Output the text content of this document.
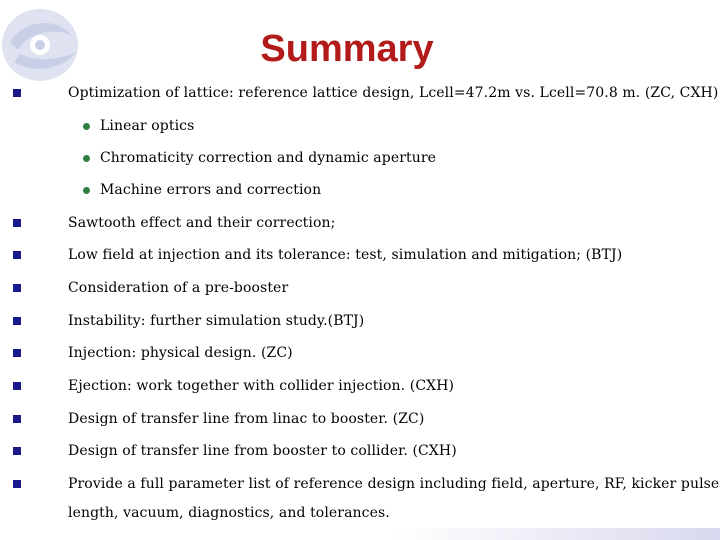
Summary
Optimization of lattice: reference lattice design, Lcell=47.2m vs. Lcell=70.8 m. (ZC, CXH)
Linear optics
Chromaticity correction and dynamic aperture
Machine errors and correction
Sawtooth effect and their correction;
Low field at injection and its tolerance: test, simulation and mitigation; (BTJ)
Consideration of a pre-booster
Instability: further simulation study.(BTJ)
Injection: physical design. (ZC)
Ejection: work together with collider injection. (CXH)
Design of transfer line from linac to booster. (ZC)
Design of transfer line from booster to collider. (CXH)
Provide a full parameter list of reference design including field, aperture, RF, kicker pulse
length, vacuum, diagnostics, and tolerances.
